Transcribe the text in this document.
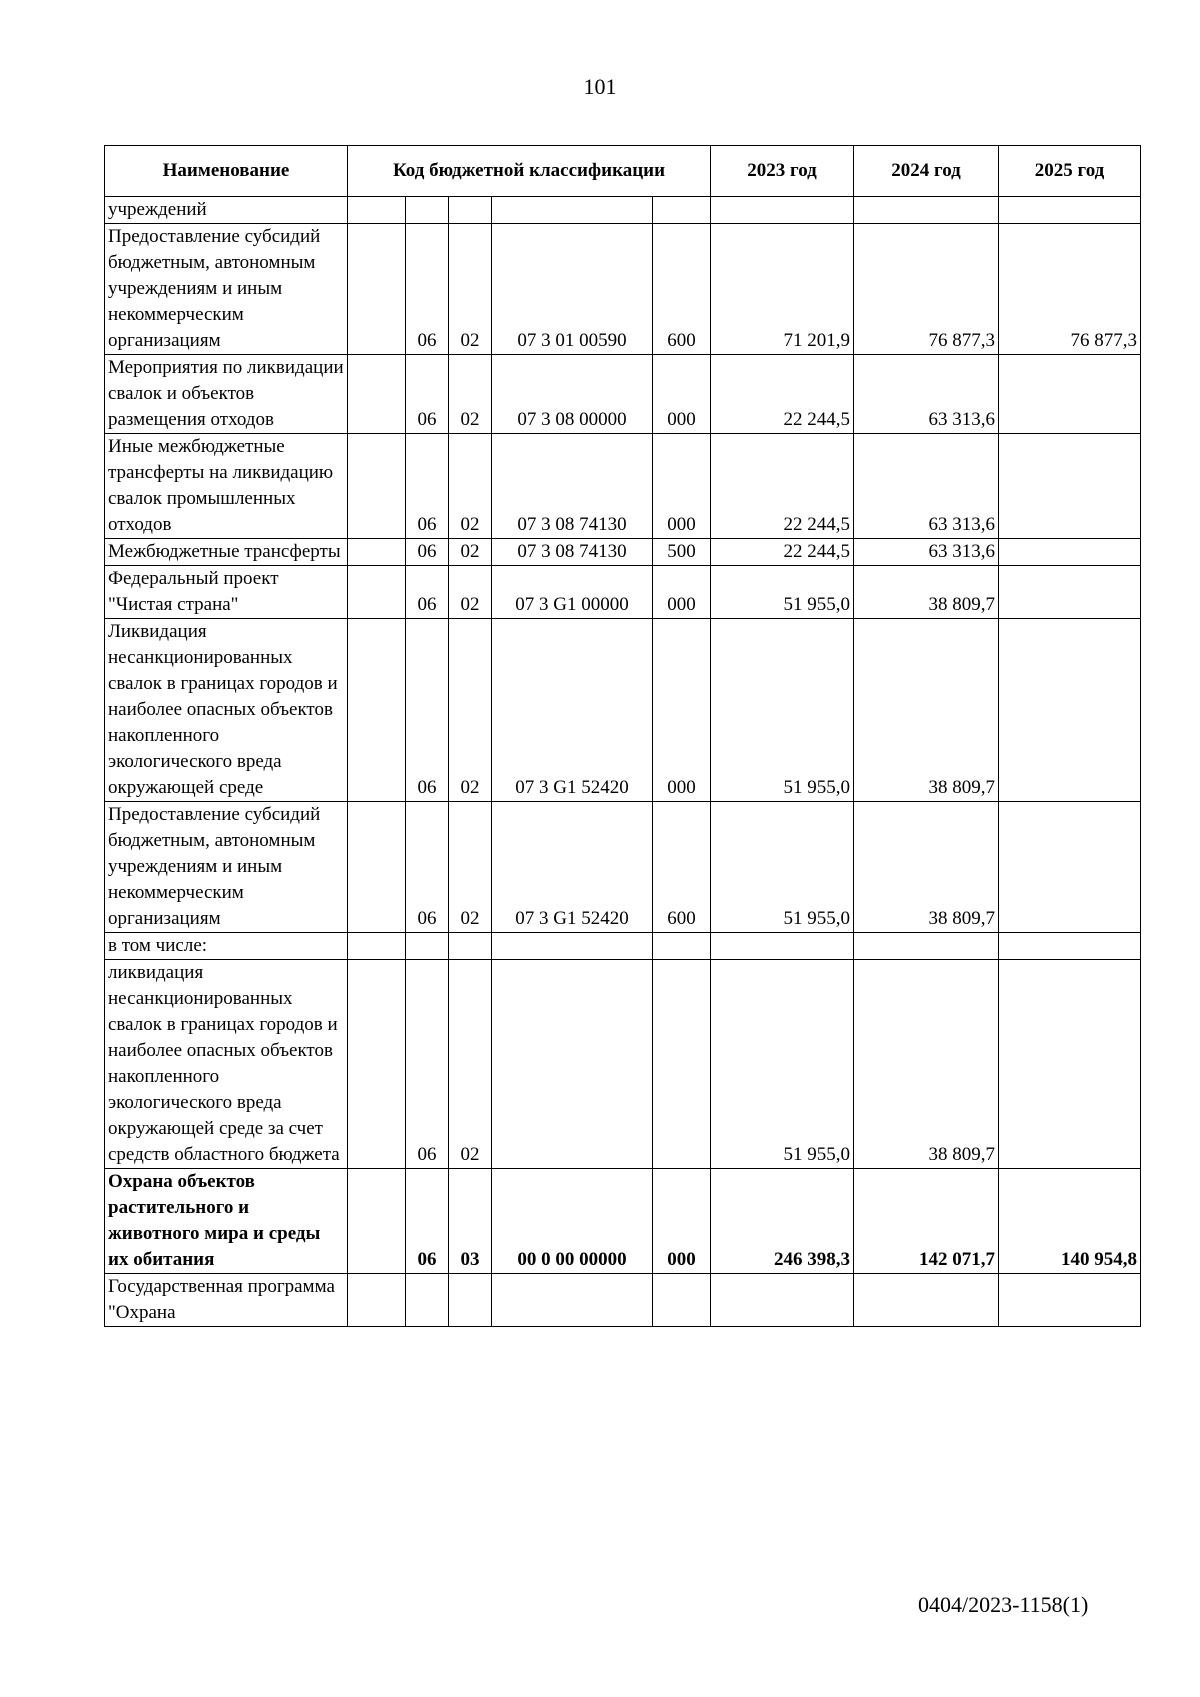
101
Наименование	Код бюджетной классификации					2023 год	2024 год	2025 год
учреждений								
Предоставление субсидий бюджетным, автономным учреждениям и иным некоммерческим организациям		06	02	07 3 01 00590	600	71 201,9	76 877,3	76 877,3
Мероприятия по ликвидации свалок и объектов размещения отходов		06	02	07 3 08 00000	000	22 244,5	63 313,6	
Иные межбюджетные трансферты на ликвидацию свалок промышленных отходов		06	02	07 3 08 74130	000	22 244,5	63 313,6	
Межбюджетные трансферты		06	02	07 3 08 74130	500	22 244,5	63 313,6	
Федеральный проект "Чистая страна"		06	02	07 3 G1 00000	000	51 955,0	38 809,7	
Ликвидация несанкционированных свалок в границах городов и наиболее опасных объектов накопленного экологического вреда окружающей среде		06	02	07 3 G1 52420	000	51 955,0	38 809,7	
Предоставление субсидий бюджетным, автономным учреждениям и иным некоммерческим организациям		06	02	07 3 G1 52420	600	51 955,0	38 809,7	
в том числе:								
ликвидация несанкционированных свалок в границах городов и наиболее опасных объектов накопленного экологического вреда окружающей среде за счет средств областного бюджета		06	02			51 955,0	38 809,7	
Охрана объектов растительного и животного мира и среды их обитания		06	03	00 0 00 00000	000	246 398,3	142 071,7	140 954,8
Государственная программа "Охрана								
0404/2023-1158(1)
